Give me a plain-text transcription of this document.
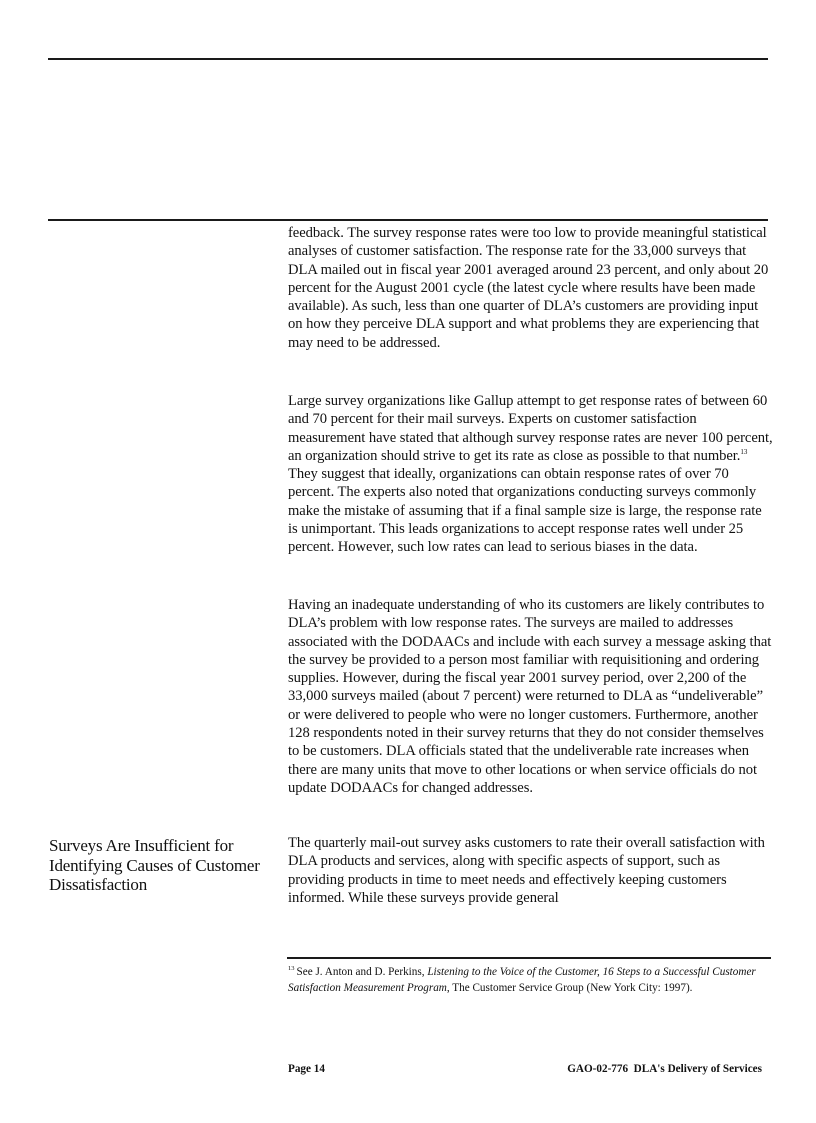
feedback. The survey response rates were too low to provide meaningful statistical analyses of customer satisfaction. The response rate for the 33,000 surveys that DLA mailed out in fiscal year 2001 averaged around 23 percent, and only about 20 percent for the August 2001 cycle (the latest cycle where results have been made available). As such, less than one quarter of DLA’s customers are providing input on how they perceive DLA support and what problems they are experiencing that may need to be addressed.

Large survey organizations like Gallup attempt to get response rates of between 60 and 70 percent for their mail surveys. Experts on customer satisfaction measurement have stated that although survey response rates are never 100 percent, an organization should strive to get its rate as close as possible to that number.$^{13}$ They suggest that ideally, organizations can obtain response rates of over 70 percent. The experts also noted that organizations conducting surveys commonly make the mistake of assuming that if a final sample size is large, the response rate is unimportant. This leads organizations to accept response rates well under 25 percent. However, such low rates can lead to serious biases in the data.

Having an inadequate understanding of who its customers are likely contributes to DLA’s problem with low response rates. The surveys are mailed to addresses associated with the DODAACs and include with each survey a message asking that the survey be provided to a person most familiar with requisitioning and ordering supplies. However, during the fiscal year 2001 survey period, over 2,200 of the 33,000 surveys mailed (about 7 percent) were returned to DLA as “undeliverable” or were delivered to people who were no longer customers. Furthermore, another 128 respondents noted in their survey returns that they do not consider themselves to be customers. DLA officials stated that the undeliverable rate increases when there are many units that move to other locations or when service officials do not update DODAACs for changed addresses.

The quarterly mail-out survey asks customers to rate their overall satisfaction with DLA products and services, along with specific aspects of support, such as providing products in time to meet needs and effectively keeping customers informed. While these surveys provide general

Surveys Are Insufficient for Identifying Causes of Customer Dissatisfaction
$^{13}$ See J. Anton and D. Perkins, Listening to the Voice of the Customer, 16 Steps to a Successful Customer Satisfaction Measurement Program, The Customer Service Group (New York City: 1997).
Page 14	GAO-02-776  DLA's Delivery of Services
